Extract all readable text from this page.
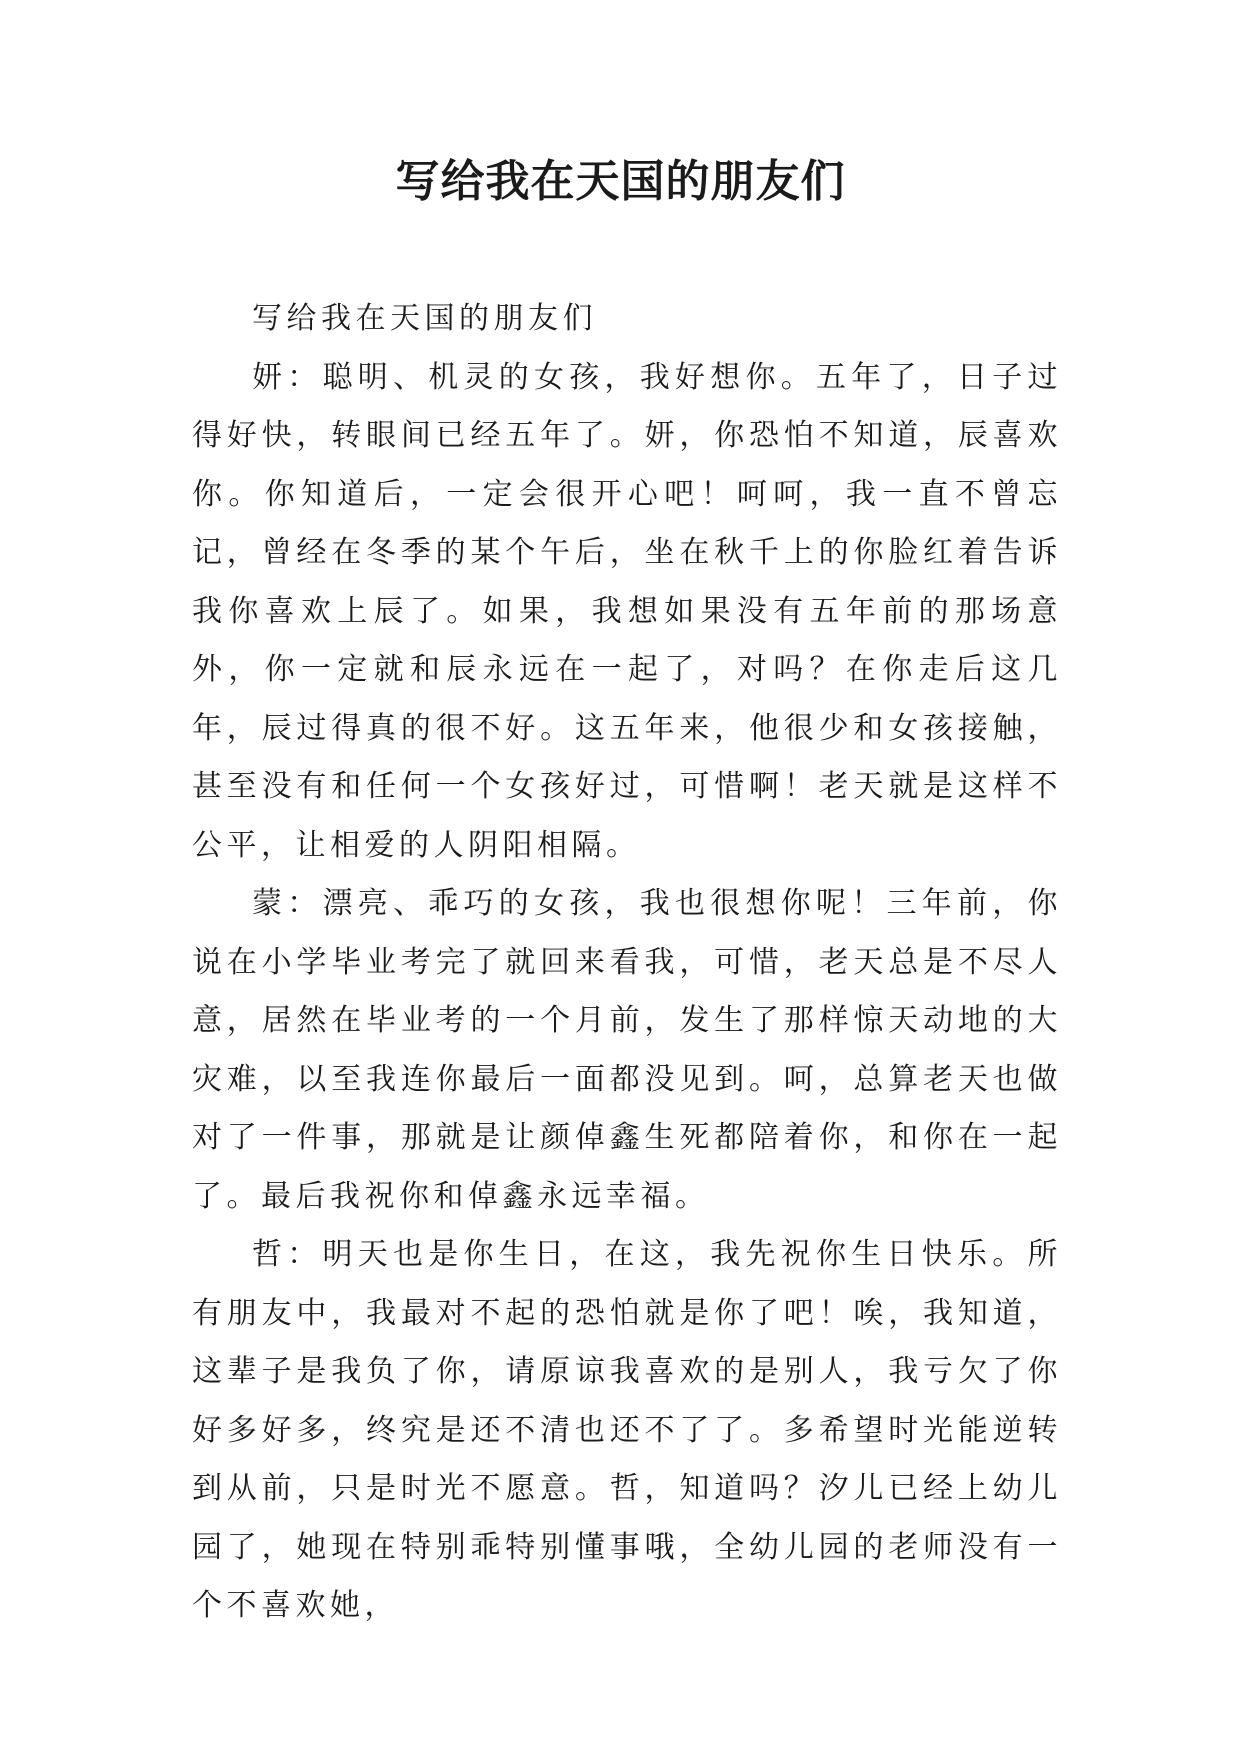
写给我在天国的朋友们

写给我在天国的朋友们

妍：聪明、机灵的女孩，我好想你。五年了，日子过得好快，转眼间已经五年了。妍，你恐怕不知道，辰喜欢你。你知道后，一定会很开心吧！呵呵，我一直不曾忘记，曾经在冬季的某个午后，坐在秋千上的你脸红着告诉我你喜欢上辰了。如果，我想如果没有五年前的那场意外，你一定就和辰永远在一起了，对吗？在你走后这几年，辰过得真的很不好。这五年来，他很少和女孩接触，甚至没有和任何一个女孩好过，可惜啊！老天就是这样不公平，让相爱的人阴阳相隔。

蒙：漂亮、乖巧的女孩，我也很想你呢！三年前，你说在小学毕业考完了就回来看我，可惜，老天总是不尽人意，居然在毕业考的一个月前，发生了那样惊天动地的大灾难，以至我连你最后一面都没见到。呵，总算老天也做对了一件事，那就是让颜倬鑫生死都陪着你，和你在一起了。最后我祝你和倬鑫永远幸福。

哲：明天也是你生日，在这，我先祝你生日快乐。所有朋友中，我最对不起的恐怕就是你了吧！唉，我知道，这辈子是我负了你，请原谅我喜欢的是别人，我亏欠了你好多好多，终究是还不清也还不了了。多希望时光能逆转到从前，只是时光不愿意。哲，知道吗？汐儿已经上幼儿园了，她现在特别乖特别懂事哦，全幼儿园的老师没有一个不喜欢她，
